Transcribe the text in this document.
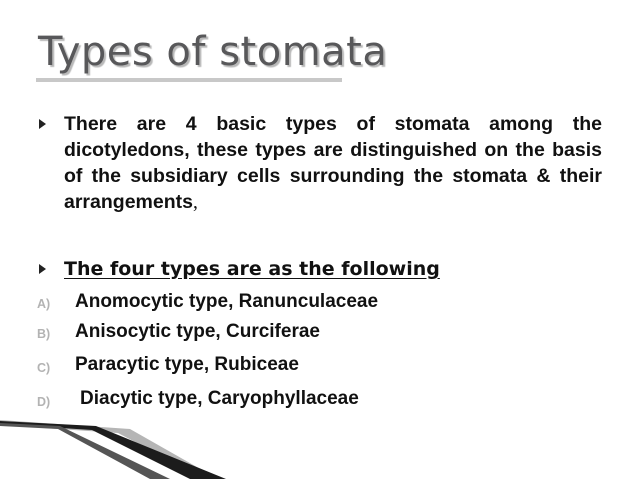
Types of stomata

There are 4 basic types of stomata among the dicotyledons, these types are distinguished on the basis of the subsidiary cells surrounding the stomata & their arrangements,

The four types are as the following
A) Anomocytic type, Ranunculaceae
B) Anisocytic type, Curciferae
C) Paracytic type, Rubiceae
D) Diacytic type, Caryophyllaceae
